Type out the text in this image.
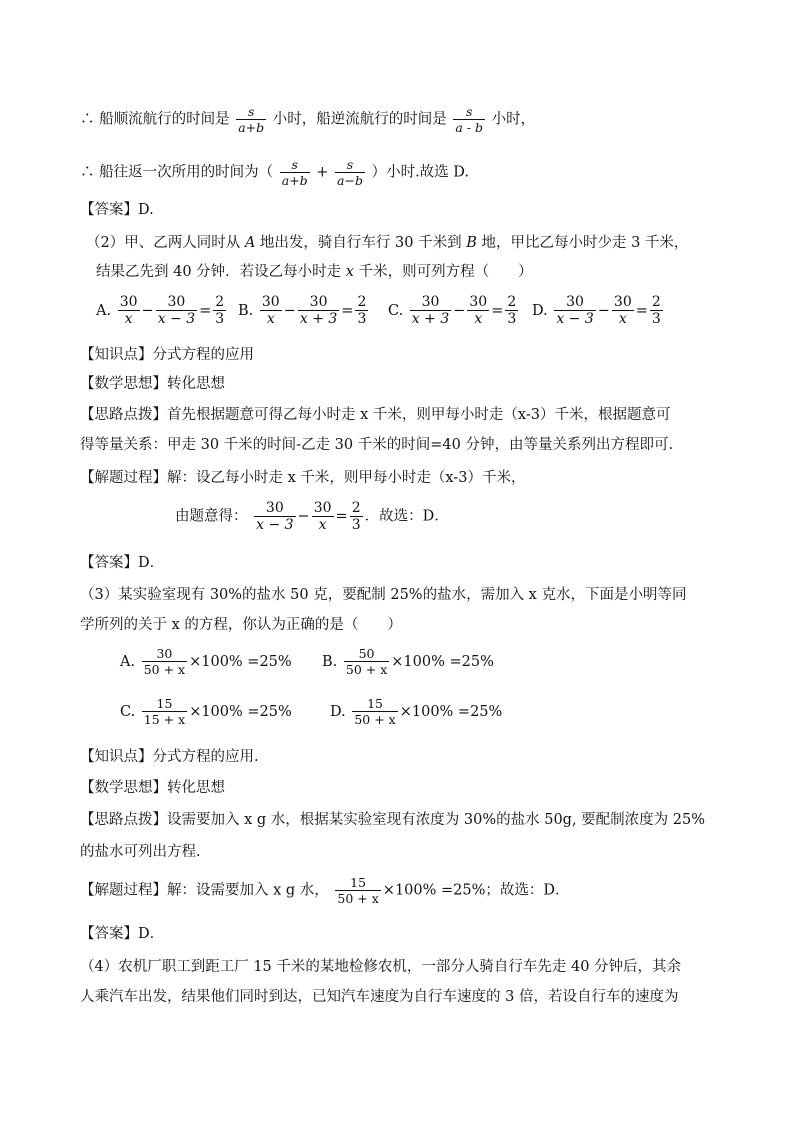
∴ 船顺流航行的时间是 $\frac{s}{a+b}$ 小时，船逆流航行的时间是 $\frac{s}{a - b}$ 小时，
∴ 船往返一次所用的时间为（ $\frac{s}{a+b} + \frac{s}{a-b}$ ）小时.故选 D.
【答案】D.
（2）甲、乙两人同时从 A 地出发，骑自行车行 30 千米到 B 地，甲比乙每小时少走 3 千米，
结果乙先到 40 分钟．若设乙每小时走 x 千米，则可列方程（　　）
A. $\frac{30}{x} - \frac{30}{x - 3} = \frac{2}{3} B$. $\frac{30}{x} - \frac{30}{x + 3} = \frac{2}{3} C$. $\frac{30}{x + 3} - \frac{30}{x} = \frac{2}{3} D$. $\frac{30}{x - 3} - \frac{30}{x} = \frac{2}{3}$
【知识点】分式方程的应用
【数学思想】转化思想
【思路点拨】首先根据题意可得乙每小时走 x 千米，则甲每小时走（x-3）千米，根据题意可
得等量关系：甲走 30 千米的时间-乙走 30 千米的时间=40 分钟，由等量关系列出方程即可.
【解题过程】解：设乙每小时走 x 千米，则甲每小时走（x-3）千米，
由题意得： $\frac{30}{x - 3} - \frac{30}{x} = \frac{2}{3}$ ．故选：D．
【答案】D．
（3）某实验室现有 30%的盐水 50 克，要配制 25%的盐水，需加入 x 克水，下面是小明等同
学所列的关于 x 的方程，你认为正确的是（　　）
A. $\frac{30}{50 + x} \times 100\% =25\%$ B. $\frac{50}{50 + x} \times 100\% =25\%$
C. $\frac{15}{15 + x} \times 100\% =25\%$	D. $\frac{15}{50 + x} \times 100\% =25\%$
【知识点】分式方程的应用.
【数学思想】转化思想
【思路点拨】设需要加入 x g 水，根据某实验室现有浓度为 30%的盐水 50g, 要配制浓度为 25%
的盐水可列出方程.
【解题过程】解：设需要加入 x g 水， $\frac{15}{50 + x} \times 100\% =25\%$；故选：D．
【答案】D．
（4）农机厂职工到距工厂 15 千米的某地检修农机，一部分人骑自行车先走 40 分钟后，其余
人乘汽车出发，结果他们同时到达，已知汽车速度为自行车速度的 3 倍，若设自行车的速度为
